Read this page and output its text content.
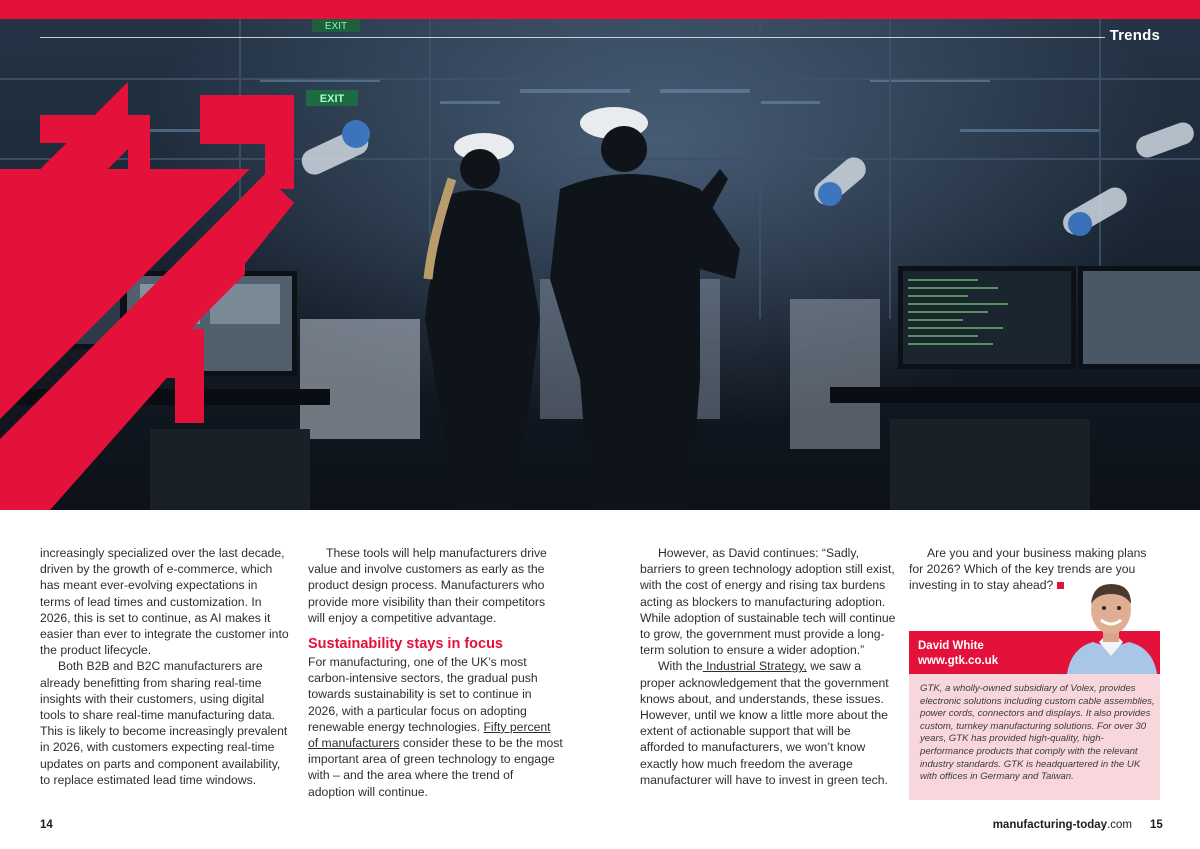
EXIT
EXIT
Trends

increasingly specialized over the last decade, driven by the growth of e-commerce, which has meant ever-evolving expectations in terms of lead times and customization. In 2026, this is set to continue, as AI makes it easier than ever to integrate the customer into the product lifecycle.

Both B2B and B2C manufacturers are already benefitting from sharing real-time insights with their customers, using digital tools to share real-time manufacturing data. This is likely to become increasingly prevalent in 2026, with customers expecting real-time updates on parts and component availability, to replace estimated lead time windows.

These tools will help manufacturers drive value and involve customers as early as the product design process. Manufacturers who provide more visibility than their competitors will enjoy a competitive advantage.

Sustainability stays in focus

For manufacturing, one of the UK’s most carbon-intensive sectors, the gradual push towards sustainability is set to continue in 2026, with a particular focus on adopting renewable energy technologies. Fifty percent of manufacturers consider these to be the most important area of green technology to engage with – and the area where the trend of adoption will continue.

However, as David continues: “Sadly, barriers to green technology adoption still exist, with the cost of energy and rising tax burdens acting as blockers to manufacturing adoption. While adoption of sustainable tech will continue to grow, the government must provide a long-term solution to ensure a wider adoption.”

With the Industrial Strategy, we saw a proper acknowledgement that the government knows about, and understands, these issues. However, until we know a little more about the extent of actionable support that will be afforded to manufacturers, we won’t know exactly how much freedom the average manufacturer will have to invest in green tech.

Are you and your business making plans for 2026? Which of the key trends are you investing in to stay ahead?

David White
www.gtk.co.uk
GTK, a wholly-owned subsidiary of Volex, provides electronic solutions including custom cable assemblies, power cords, connectors and displays. It also provides custom, turnkey manufacturing solutions. For over 30 years, GTK has provided high-quality, high-performance products that comply with the relevant industry standards. GTK is headquartered in the UK with offices in Germany and Taiwan.
14	manufacturing-today.com 15
